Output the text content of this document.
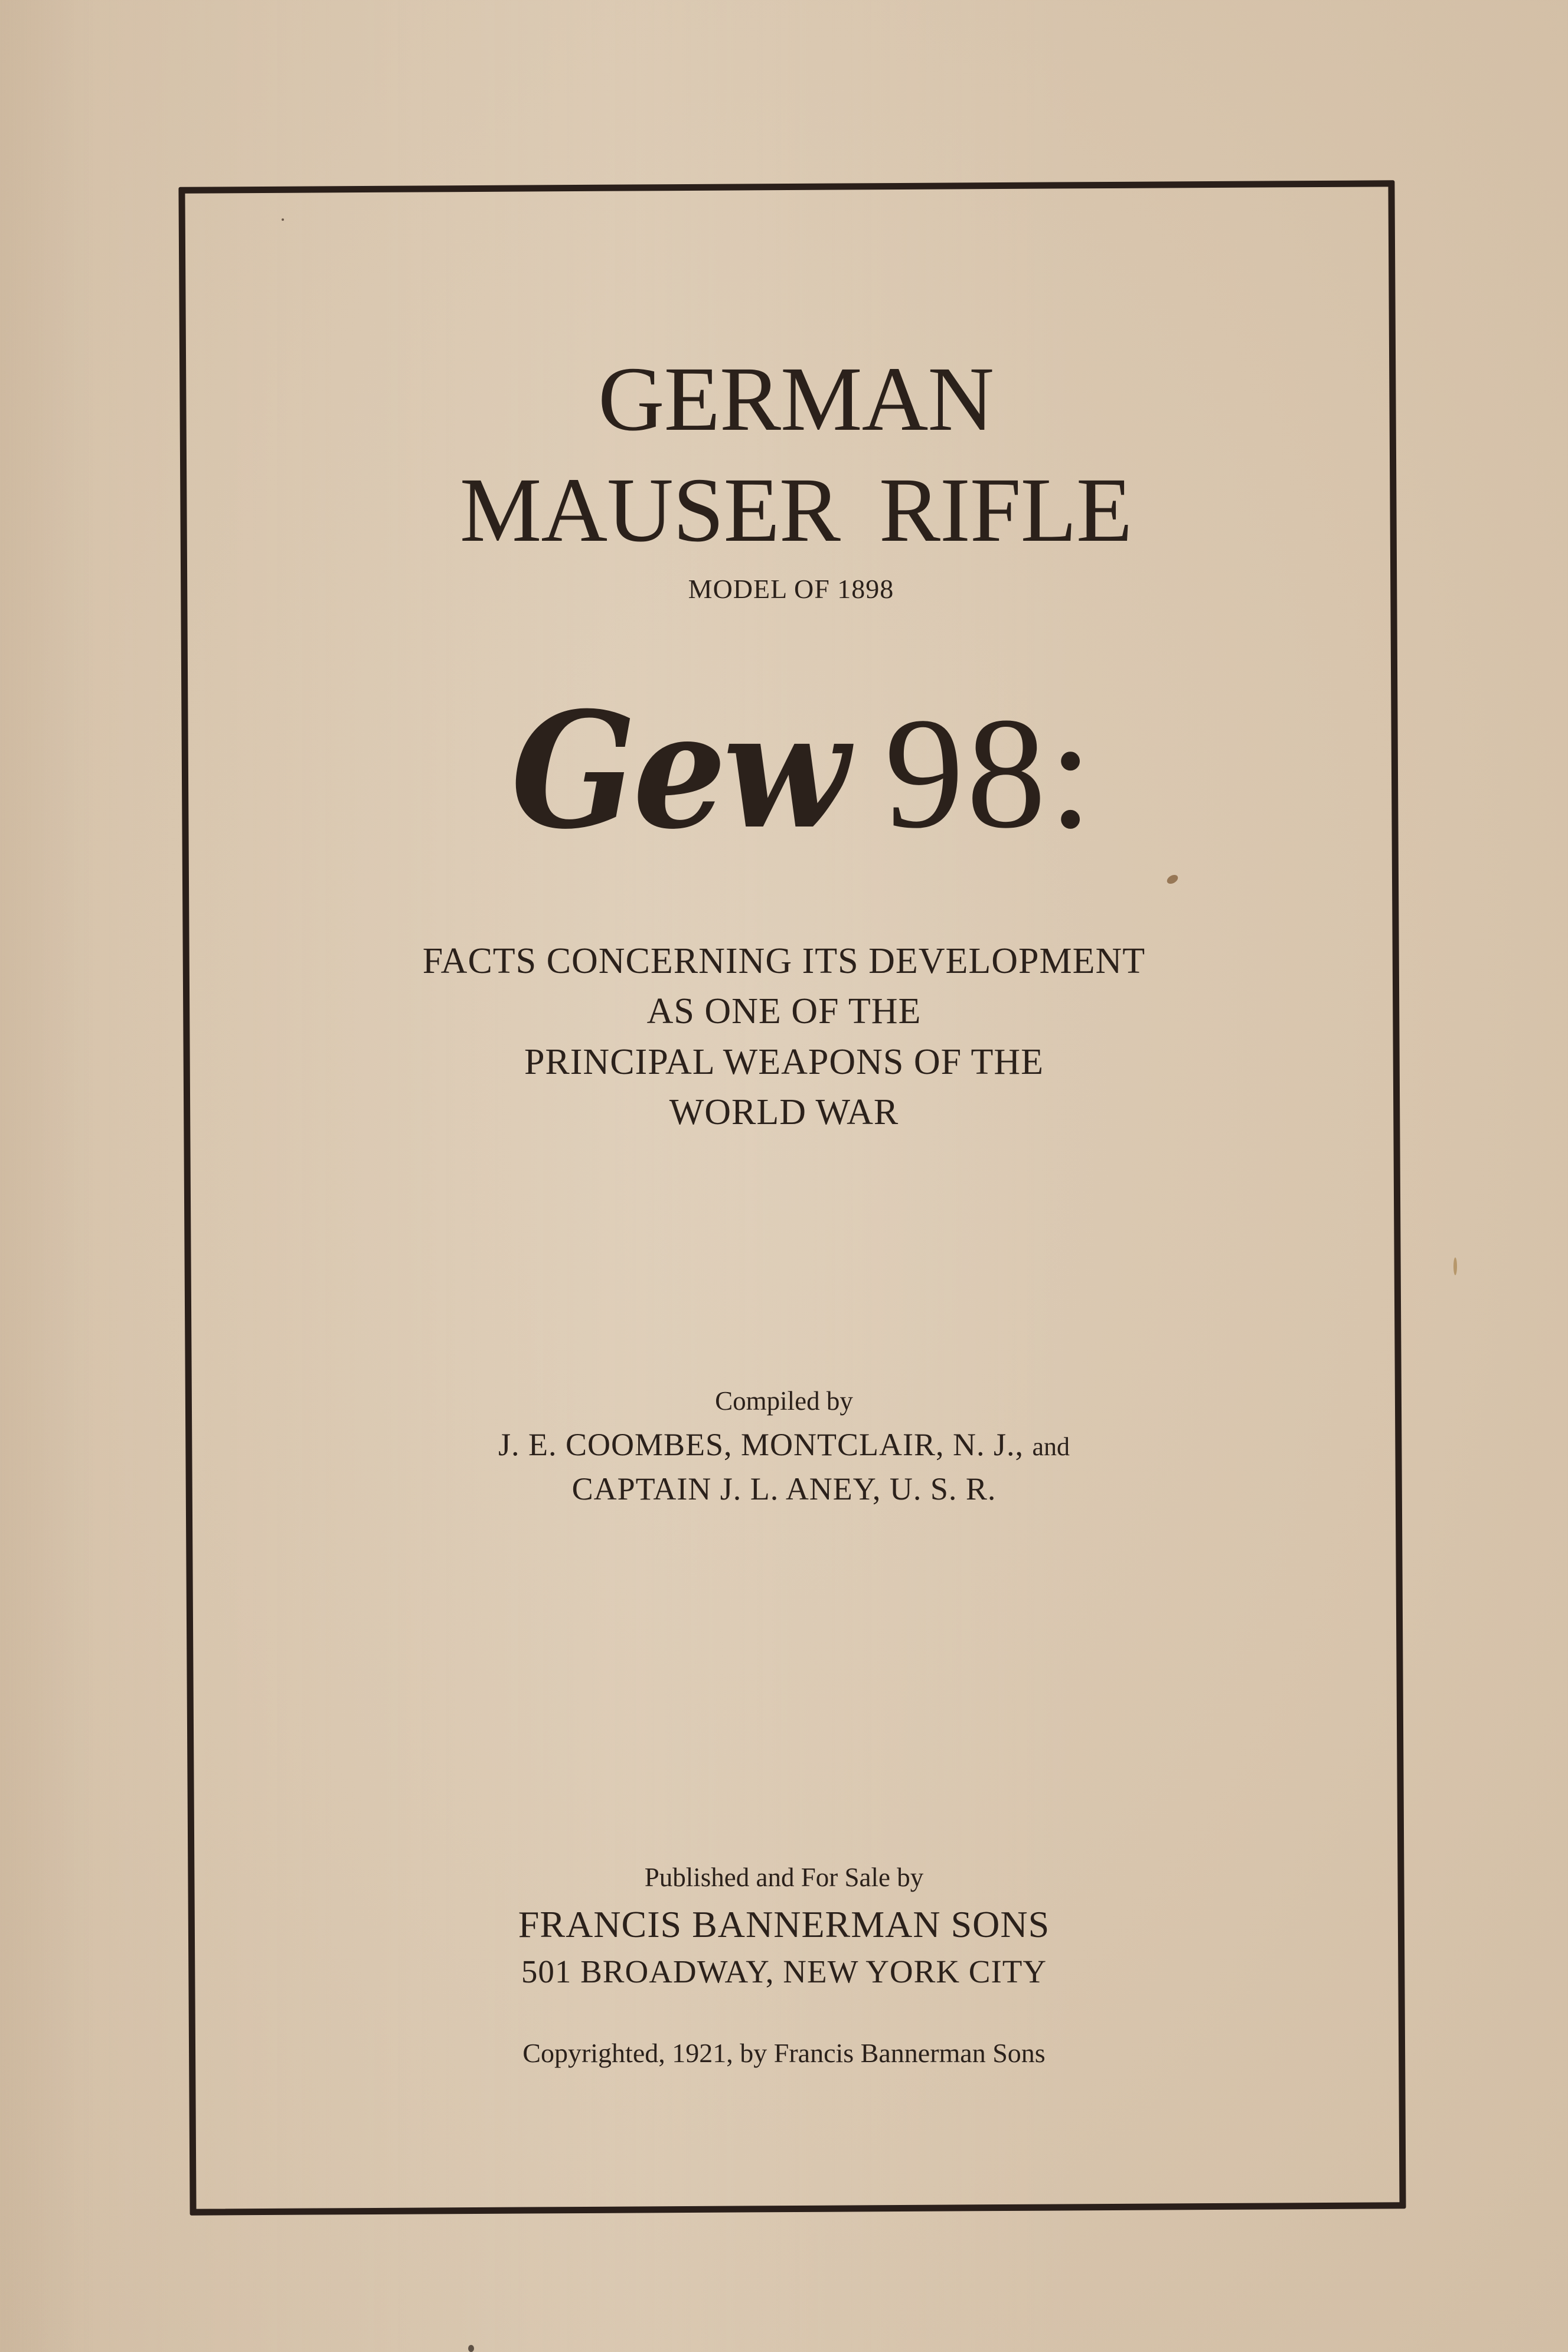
GERMAN
MAUSER RIFLE
MODEL OF 1898
Gew 98:
FACTS CONCERNING ITS DEVELOPMENT
AS ONE OF THE
PRINCIPAL WEAPONS OF THE
WORLD WAR
Compiled by
J. E. COOMBES, MONTCLAIR, N. J., and
CAPTAIN J. L. ANEY, U. S. R.
Published and For Sale by
FRANCIS BANNERMAN SONS
501 BROADWAY, NEW YORK CITY
Copyrighted, 1921, by Francis Bannerman Sons
